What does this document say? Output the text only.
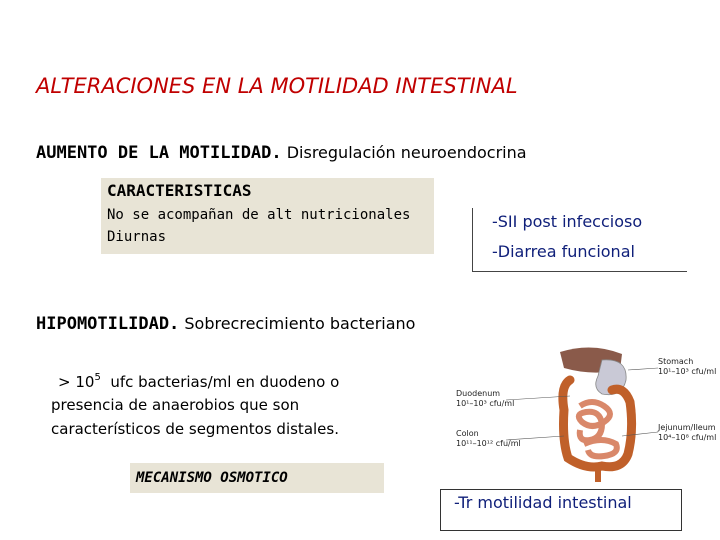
ALTERACIONES EN LA MOTILIDAD INTESTINAL
AUMENTO DE LA MOTILIDAD. Disregulación neuroendocrina
CARACTERISTICAS
No se acompañan de alt nutricionales
Diurnas
-SII post infeccioso
-Diarrea funcional
HIPOMOTILIDAD. Sobrecrecimiento bacteriano
> $10^5$  ufc bacterias/ml en duodeno o
presencia de anaerobios que son
característicos de segmentos distales.
MECANISMO OSMOTICO
Stomach
10¹–10³ cfu/ml
Duodenum
10¹–10³ cfu/ml
Colon
10¹¹–10¹² cfu/ml
Jejunum/Ileum
10⁴–10⁸ cfu/ml
-Tr motilidad intestinal
